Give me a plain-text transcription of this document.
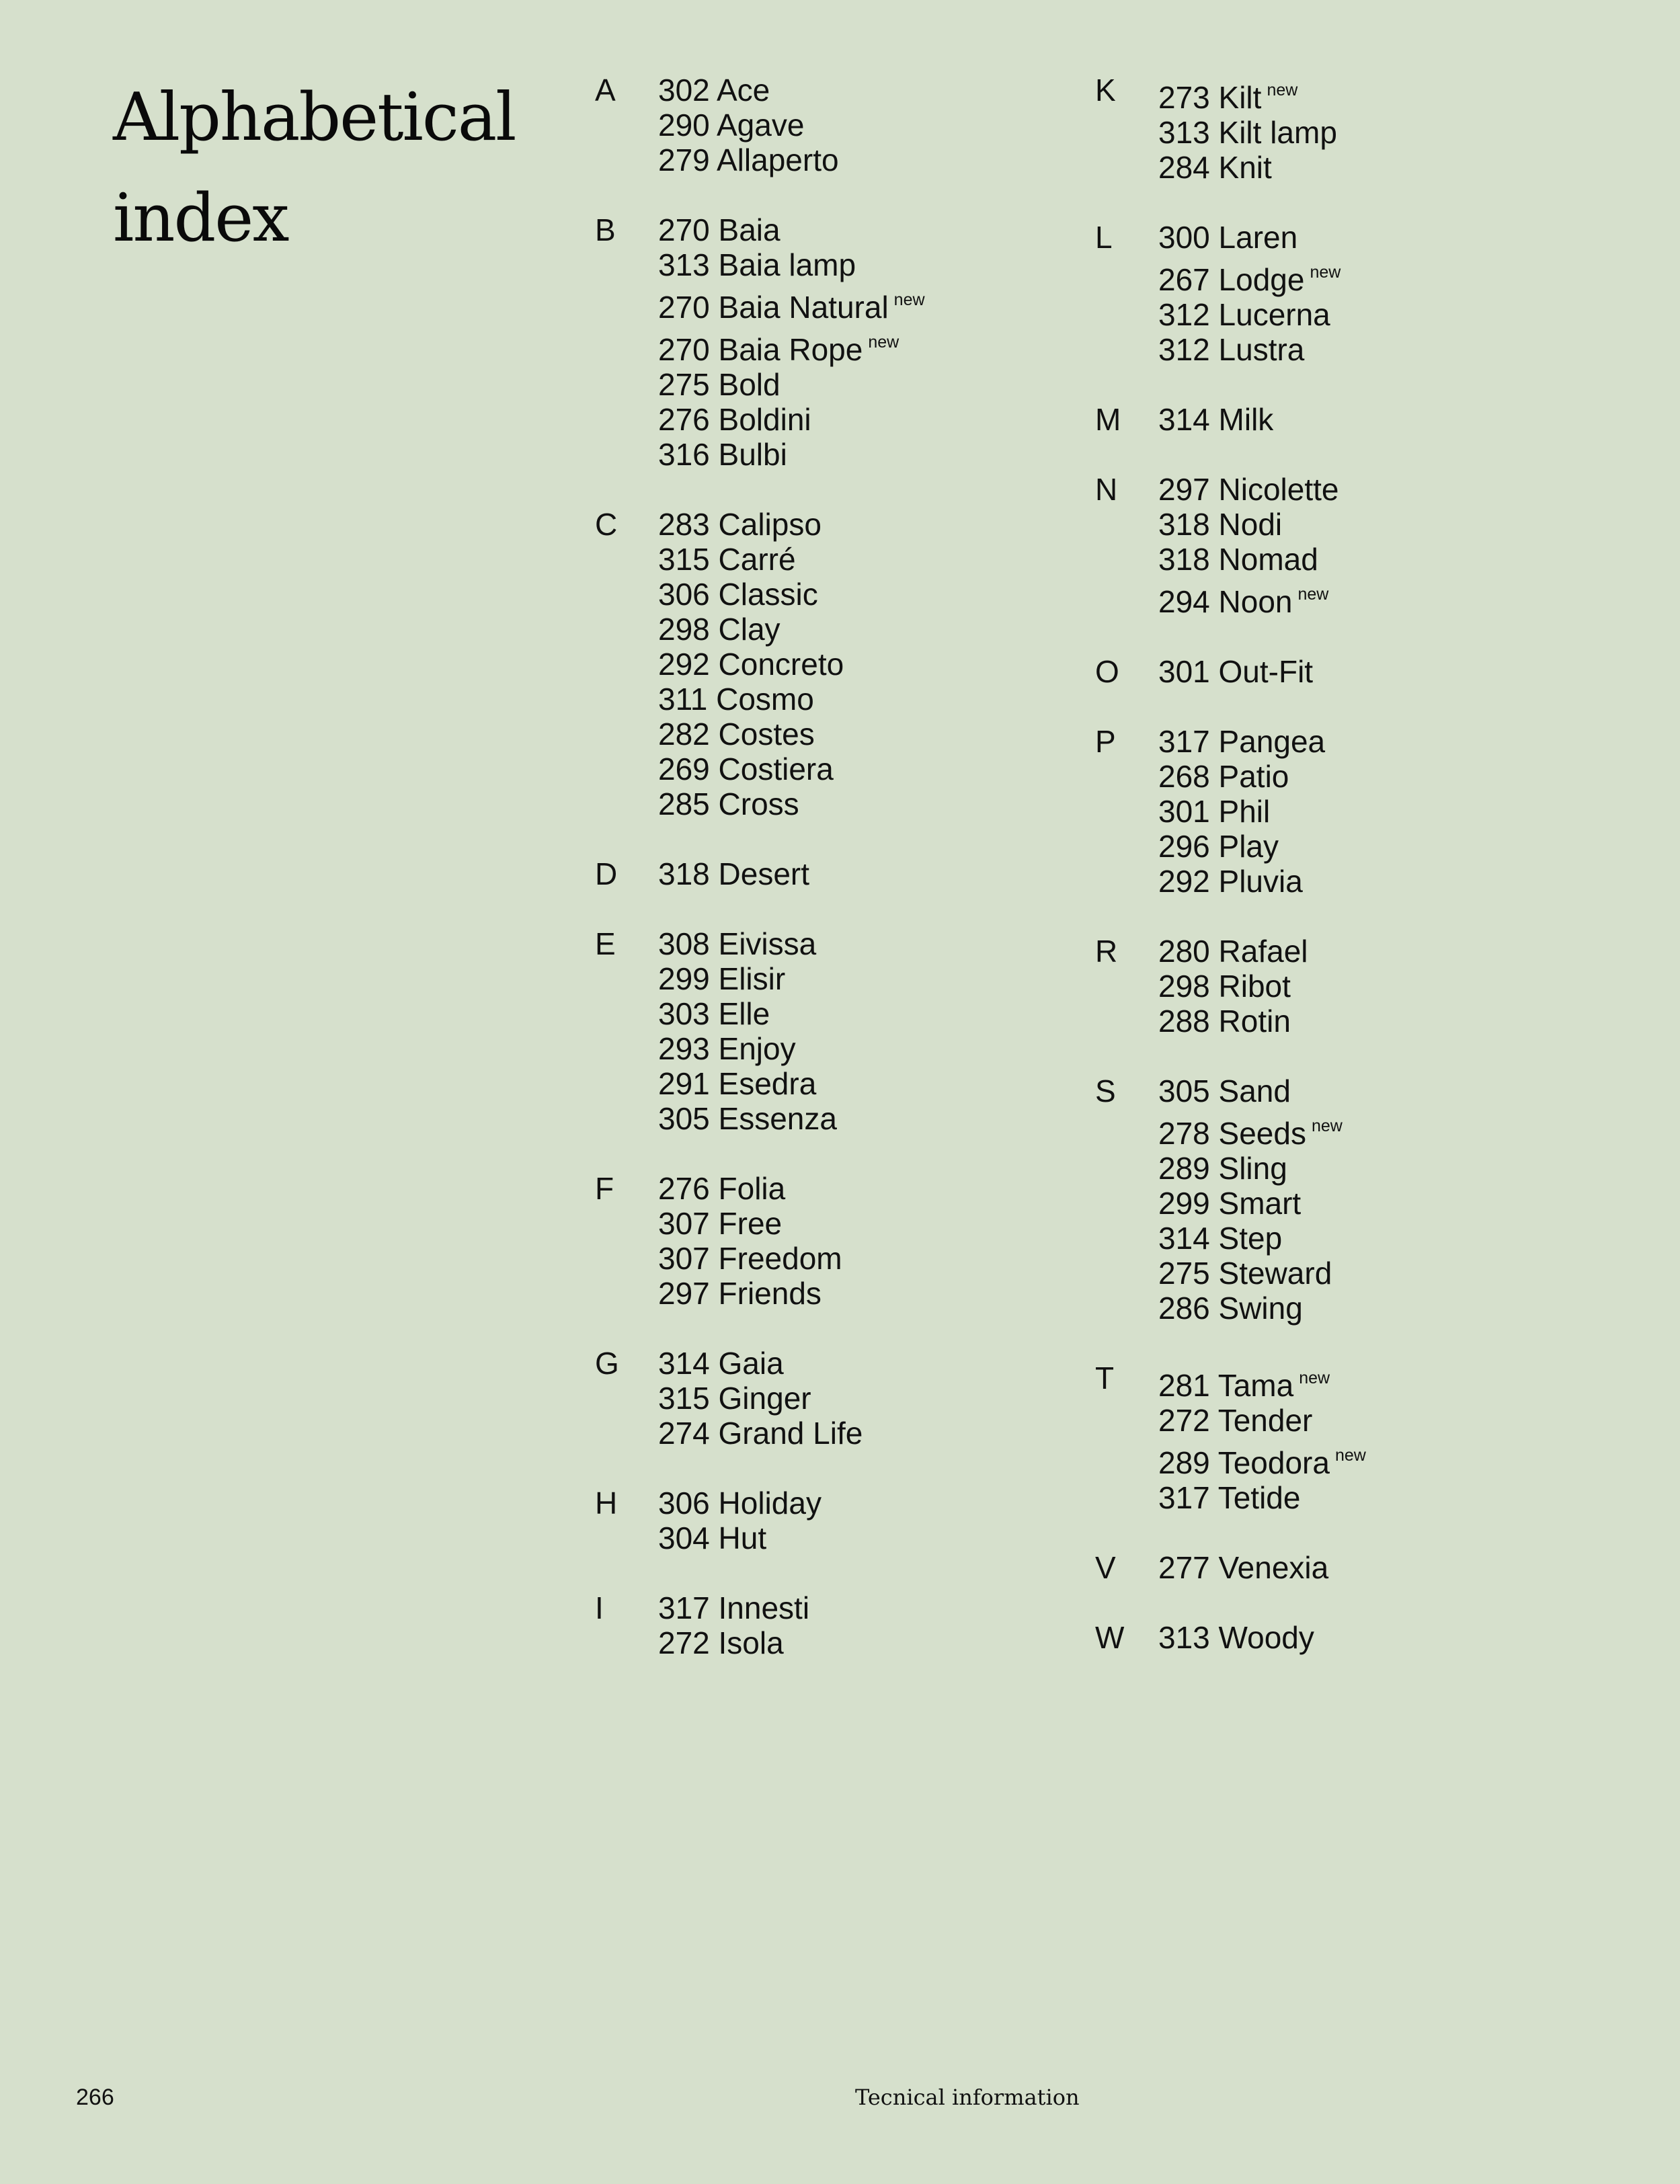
Alphabetical
index
A	302 Ace
290 Agave
279 Allaperto
B	270 Baia
313 Baia lamp
270 Baia Natural $^{new}$
270 Baia Rope $^{new}$
275 Bold
276 Boldini
316 Bulbi
C	283 Calipso
315 Carré
306 Classic
298 Clay
292 Concreto
311 Cosmo
282 Costes
269 Costiera
285 Cross
D	318 Desert
E	308 Eivissa
299 Elisir
303 Elle
293 Enjoy
291 Esedra
305 Essenza
F	276 Folia
307 Free
307 Freedom
297 Friends
G	314 Gaia
315 Ginger
274 Grand Life
H	306 Holiday
304 Hut
I	317 Innesti
272 Isola
K	273 Kilt $^{new}$
313 Kilt lamp
284 Knit
L	300 Laren
267 Lodge $^{new}$
312 Lucerna
312 Lustra
M	314 Milk
N	297 Nicolette
318 Nodi
318 Nomad
294 Noon $^{new}$
O	301 Out-Fit
P	317 Pangea
268 Patio
301 Phil
296 Play
292 Pluvia
R	280 Rafael
298 Ribot
288 Rotin
S	305 Sand
278 Seeds $^{new}$
289 Sling
299 Smart
314 Step
275 Steward
286 Swing
T	281 Tama $^{new}$
272 Tender
289 Teodora $^{new}$
317 Tetide
V	277 Venexia
W	313 Woody
266	Tecnical information
